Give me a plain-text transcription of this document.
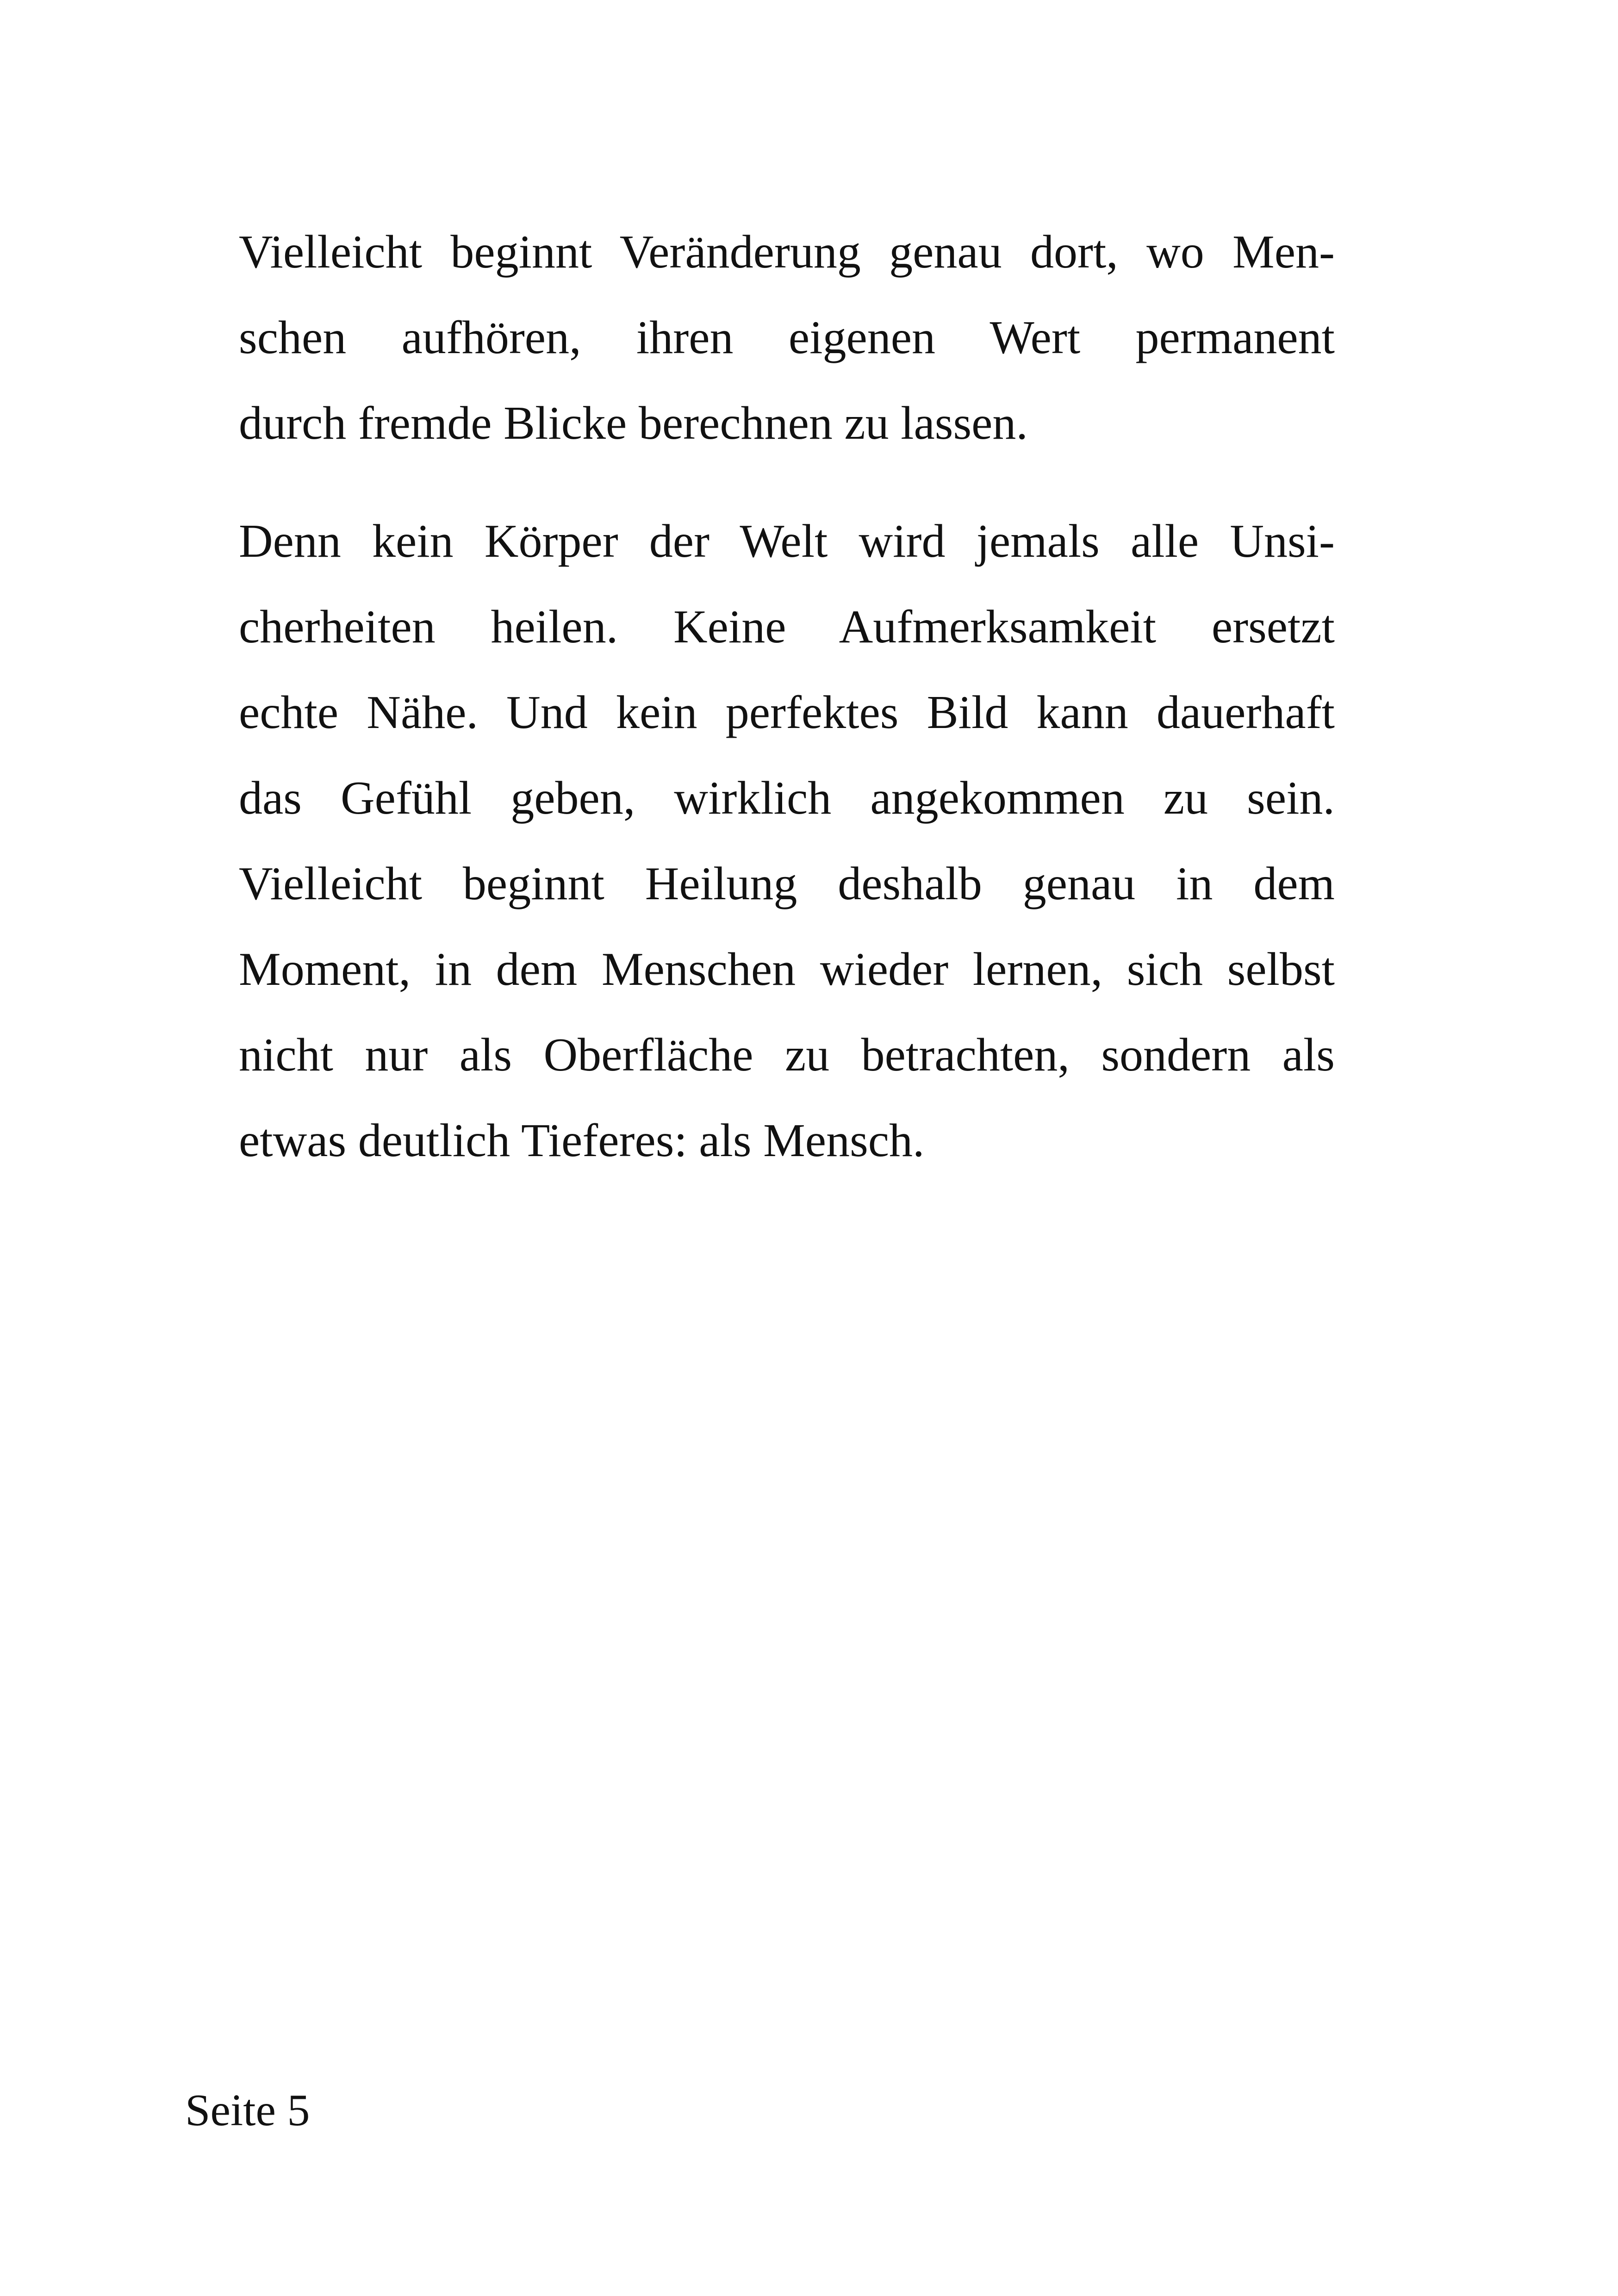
Vielleicht beginnt Veränderung genau dort, wo Men-
schen aufhören, ihren eigenen Wert permanent
durch fremde Blicke berechnen zu lassen.
Denn kein Körper der Welt wird jemals alle Unsi-
cherheiten heilen. Keine Aufmerksamkeit ersetzt
echte Nähe. Und kein perfektes Bild kann dauerhaft
das Gefühl geben, wirklich angekommen zu sein.
Vielleicht beginnt Heilung deshalb genau in dem
Moment, in dem Menschen wieder lernen, sich selbst
nicht nur als Oberfläche zu betrachten, sondern als
etwas deutlich Tieferes: als Mensch.
Seite 5
